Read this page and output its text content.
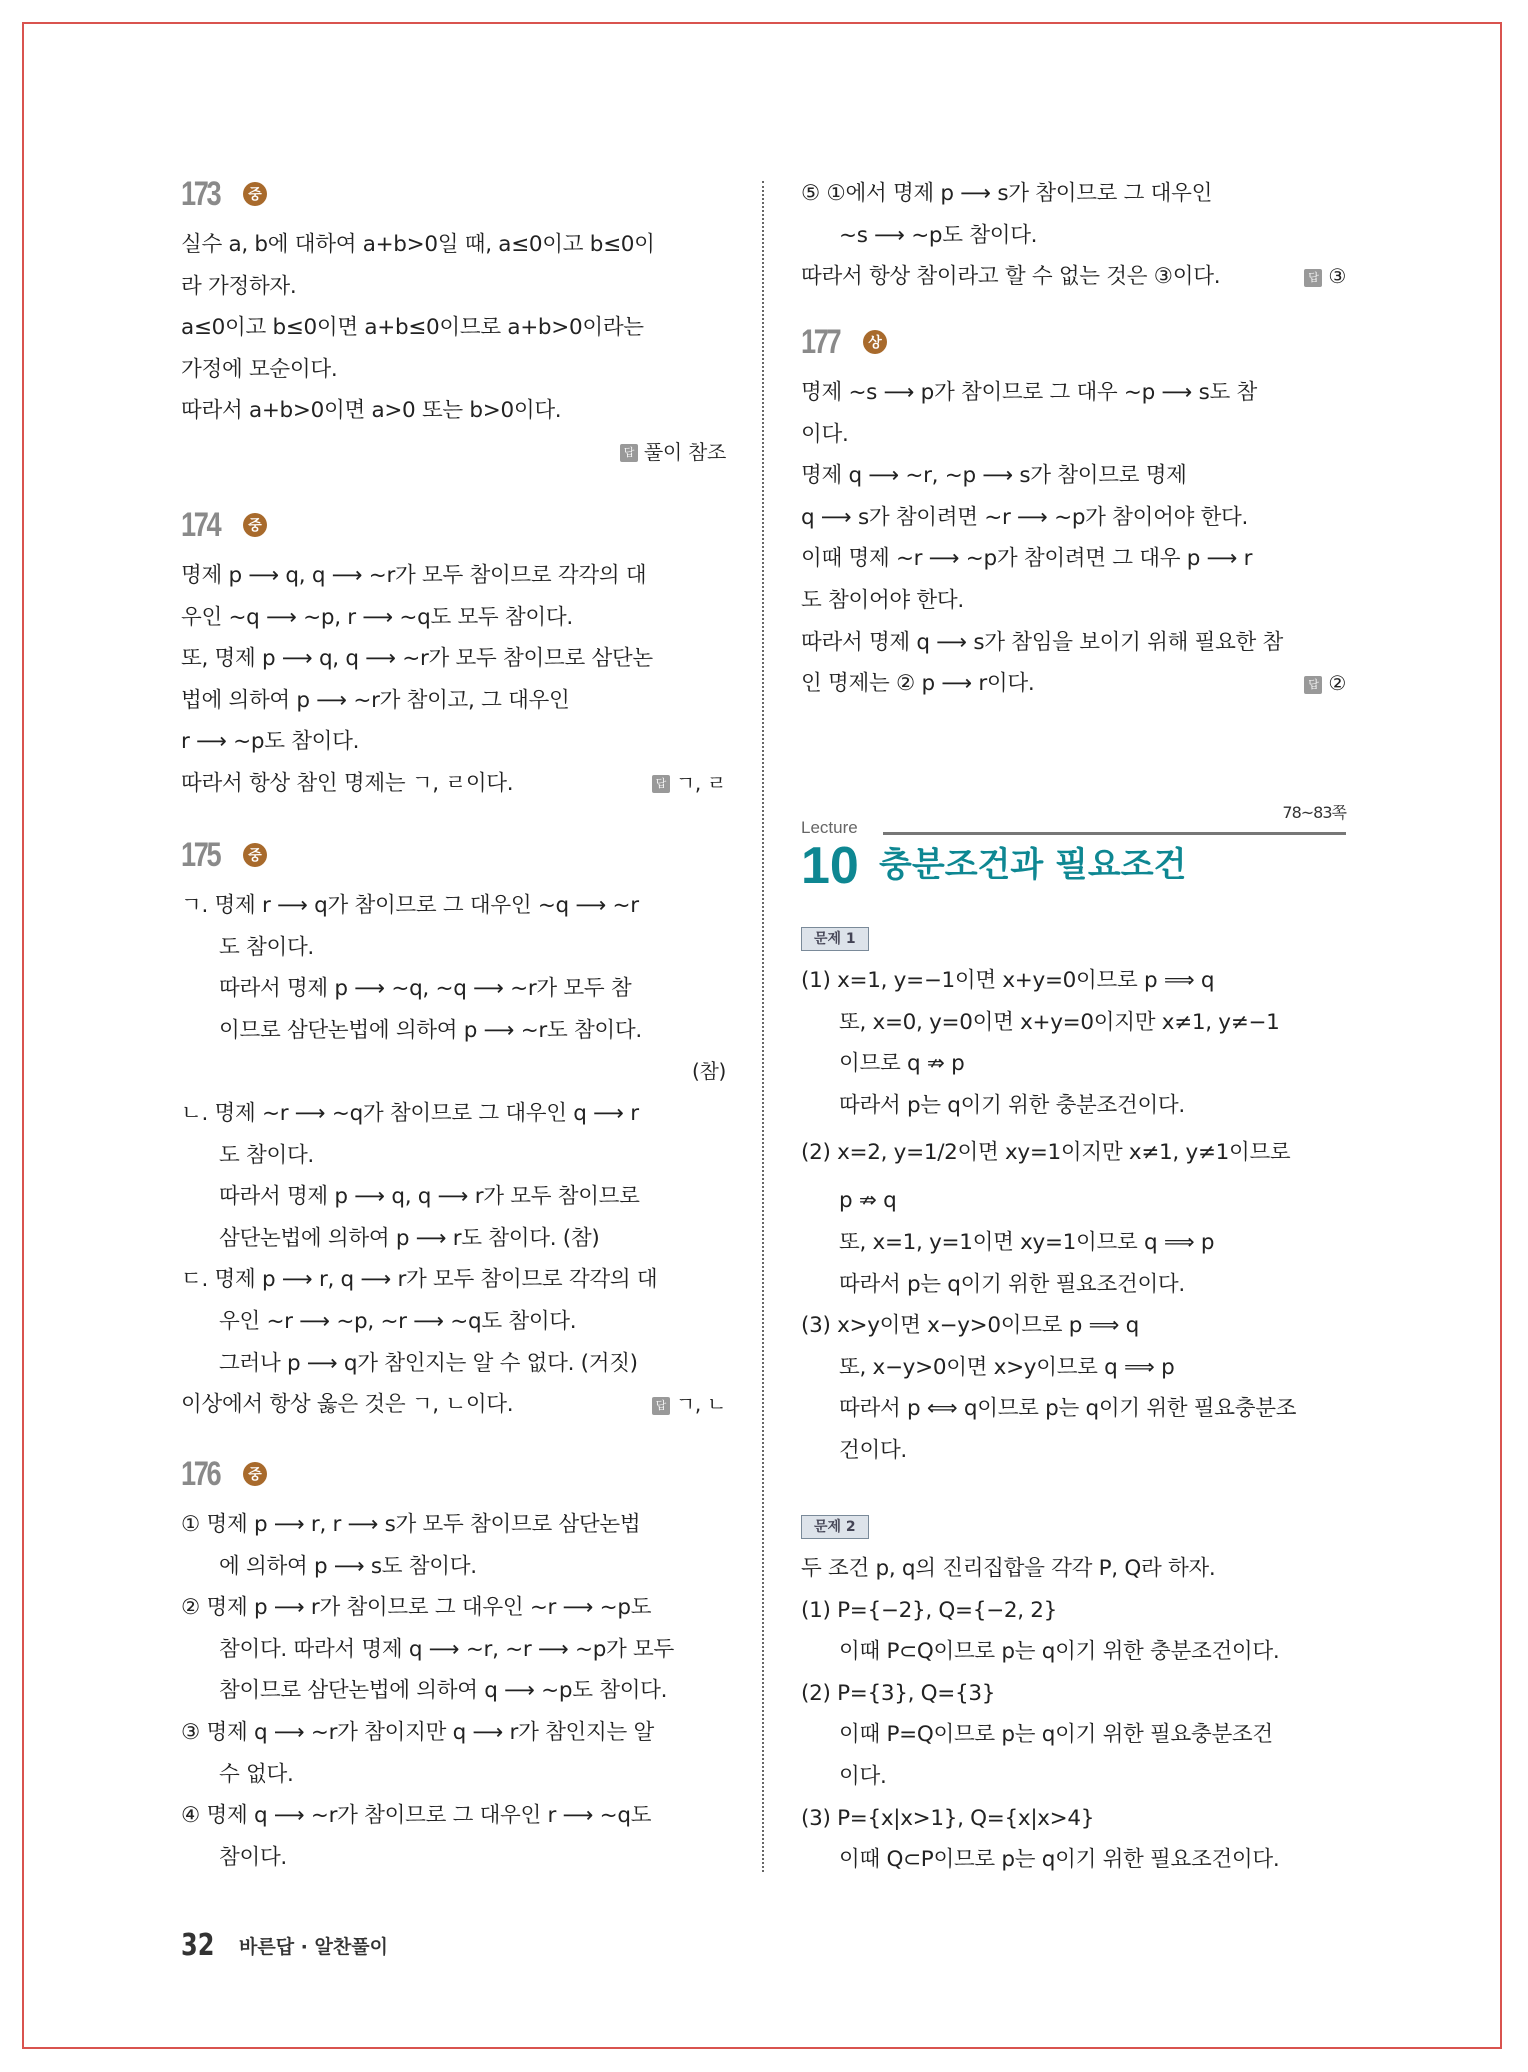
173	중
실수 a, b에 대하여 a+b>0일 때, a≤0이고 b≤0이
라 가정하자.
a≤0이고 b≤0이면 a+b≤0이므로 a+b>0이라는
가정에 모순이다.
따라서 a+b>0이면 a>0 또는 b>0이다.
답 풀이 참조
174	중
명제 p ⟶ q, q ⟶ ~r가 모두 참이므로 각각의 대
우인 ~q ⟶ ~p, r ⟶ ~q도 모두 참이다.
또, 명제 p ⟶ q, q ⟶ ~r가 모두 참이므로 삼단논
법에 의하여 p ⟶ ~r가 참이고, 그 대우인
r ⟶ ~p도 참이다.
답 ㄱ, ㄹ
따라서 항상 참인 명제는 ㄱ, ㄹ이다.
175	중
ㄱ. 명제 r ⟶ q가 참이므로 그 대우인 ~q ⟶ ~r
도 참이다.
따라서 명제 p ⟶ ~q, ~q ⟶ ~r가 모두 참
이므로 삼단논법에 의하여 p ⟶ ~r도 참이다.
(참)
ㄴ. 명제 ~r ⟶ ~q가 참이므로 그 대우인 q ⟶ r
도 참이다.
따라서 명제 p ⟶ q, q ⟶ r가 모두 참이므로
삼단논법에 의하여 p ⟶ r도 참이다. (참)
ㄷ. 명제 p ⟶ r, q ⟶ r가 모두 참이므로 각각의 대
우인 ~r ⟶ ~p, ~r ⟶ ~q도 참이다.
그러나 p ⟶ q가 참인지는 알 수 없다. (거짓)
답 ㄱ, ㄴ
이상에서 항상 옳은 것은 ㄱ, ㄴ이다.
176	중
① 명제 p ⟶ r, r ⟶ s가 모두 참이므로 삼단논법
에 의하여 p ⟶ s도 참이다.
② 명제 p ⟶ r가 참이므로 그 대우인 ~r ⟶ ~p도
참이다. 따라서 명제 q ⟶ ~r, ~r ⟶ ~p가 모두
참이므로 삼단논법에 의하여 q ⟶ ~p도 참이다.
③ 명제 q ⟶ ~r가 참이지만 q ⟶ r가 참인지는 알
수 없다.
④ 명제 q ⟶ ~r가 참이므로 그 대우인 r ⟶ ~q도
참이다.
78~83쪽
Lecture
10 충분조건과 필요조건
⑤ ①에서 명제 p ⟶ s가 참이므로 그 대우인
~s ⟶ ~p도 참이다.
답 ③
따라서 항상 참이라고 할 수 없는 것은 ③이다.
177	상
명제 ~s ⟶ p가 참이므로 그 대우 ~p ⟶ s도 참
이다.
명제 q ⟶ ~r, ~p ⟶ s가 참이므로 명제
q ⟶ s가 참이려면 ~r ⟶ ~p가 참이어야 한다.
이때 명제 ~r ⟶ ~p가 참이려면 그 대우 p ⟶ r
도 참이어야 한다.
따라서 명제 q ⟶ s가 참임을 보이기 위해 필요한 참
답 ②
인 명제는 ② p ⟶ r이다.
문제 1
(1) x=1, y=−1이면 x+y=0이므로 p ⟹ q
또, x=0, y=0이면 x+y=0이지만 x≠1, y≠−1
이므로 q ⇏ p
따라서 p는 q이기 위한 충분조건이다.
(2) x=2, y=1/2이면 xy=1이지만 x≠1, y≠1이므로
p ⇏ q
또, x=1, y=1이면 xy=1이므로 q ⟹ p
따라서 p는 q이기 위한 필요조건이다.
(3) x>y이면 x−y>0이므로 p ⟹ q
또, x−y>0이면 x>y이므로 q ⟹ p
따라서 p ⟺ q이므로 p는 q이기 위한 필요충분조
건이다.
문제 2
두 조건 p, q의 진리집합을 각각 P, Q라 하자.
(1) P={−2}, Q={−2, 2}
이때 P⊂Q이므로 p는 q이기 위한 충분조건이다.
(2) P={3}, Q={3}
이때 P=Q이므로 p는 q이기 위한 필요충분조건
이다.
(3) P={x|x>1}, Q={x|x>4}
이때 Q⊂P이므로 p는 q이기 위한 필요조건이다.
32 바른답 · 알찬풀이
